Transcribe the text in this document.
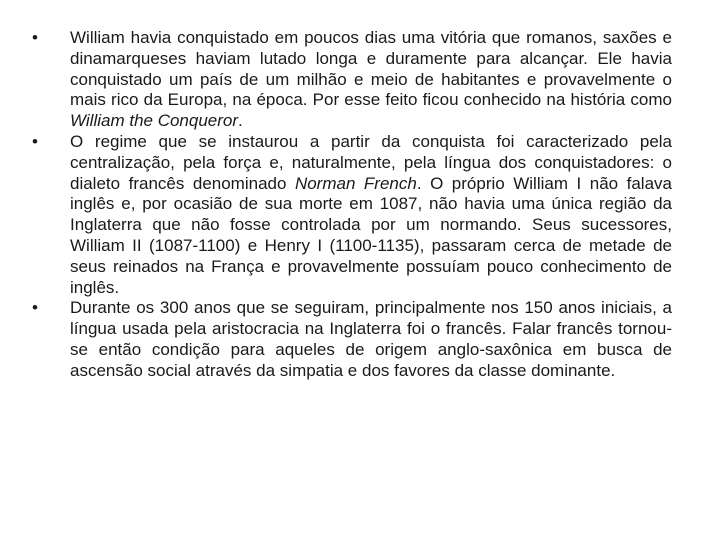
• William havia conquistado em poucos dias uma vitória que romanos, saxões e dinamarqueses haviam lutado longa e duramente para alcançar. Ele havia conquistado um país de um milhão e meio de habitantes e provavelmente o mais rico da Europa, na época. Por esse feito ficou conhecido na história como William the Conqueror.
• O regime que se instaurou a partir da conquista foi caracterizado pela centralização, pela força e, naturalmente, pela língua dos conquistadores: o dialeto francês denominado Norman French. O próprio William I não falava inglês e, por ocasião de sua morte em 1087, não havia uma única região da Inglaterra que não fosse controlada por um normando. Seus sucessores, William II (1087-1100) e Henry I (1100-1135), passaram cerca de metade de seus reinados na França e provavelmente possuíam pouco conhecimento de inglês.
• Durante os 300 anos que se seguiram, principalmente nos 150 anos iniciais, a língua usada pela aristocracia na Inglaterra foi o francês. Falar francês tornou-se então condição para aqueles de origem anglo-saxônica em busca de ascensão social através da simpatia e dos favores da classe dominante.
